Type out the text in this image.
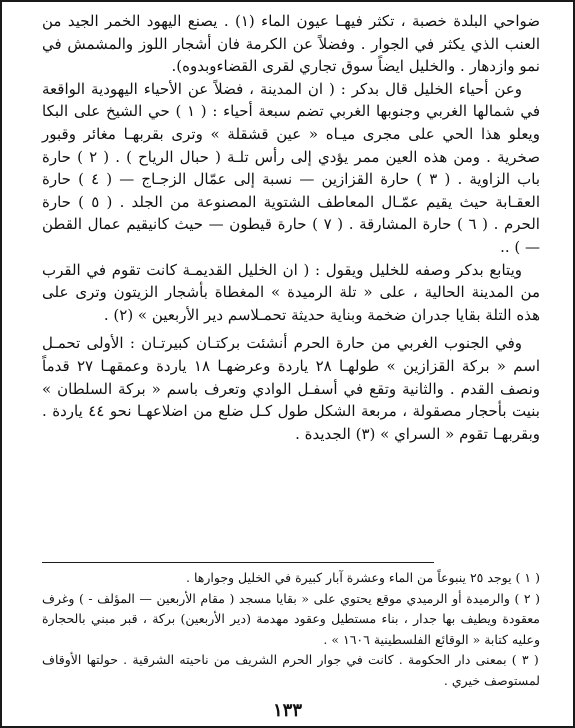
ضواحي البلدة خصبة ، تكثر فيهـا عيون الماء (١) . يصنع اليهود الخمر الجيد من العنب الذي يكثر في الجوار . وفضلاً عن الكرمة فان أشجار اللوز والمشمش في نمو وازدهار . والخليل ايضاً سوق تجاري لقرى القضاءوبدوه).

وعن أحياء الخليل قال بدكر : ( ان المدينة ، فضلاً عن الأحياء اليهودية الواقعة في شمالها الغربي وجنوبها الغربي تضم سبعة أحياء : ( ١ ) حي الشيخ على البكا ويعلو هذا الحي على مجرى ميـاه « عين قشقلة » وترى بقربهـا مغائر وقبور صخرية . ومن هذه العين ممر يؤدي إلى رأس تلـة ( حبال الرياح ) . ( ٢ ) حارة باب الزاوية . ( ٣ ) حارة القزازين — نسبة إلى عمّال الزجـاج — ( ٤ ) حارة العقـابة حيث يقيم عمّـال المعاطف الشتوية المصنوعة من الجلد . ( ٥ ) حارة الحرم . ( ٦ ) حارة المشارقة . ( ٧ ) حارة قيطون — حيث كانيقيم عمال القطن — ) ..

ويتابع بدكر وصفه للخليل ويقول : ( ان الخليل القديمـة كانت تقوم في القرب من المدينة الحالية ، على « تلة الرميدة » المغطاة بأشجار الزيتون وترى على هذه التلة بقايا جدران ضخمة وبناية حديثة تحمـلاسم دير الأربعين » (٢) .

وفي الجنوب الغربي من حارة الحرم أنشئت بركتـان كبيرتـان : الأولى تحمـل اسم « بركة القزازين » طولهـا ٢٨ ياردة وعرضهـا ١٨ ياردة وعمقهـا ٢٧ قدماً ونصف القدم . والثانية وتقع في أسفـل الوادي وتعرف باسم « بركة السلطان » بنيت بأحجار مصقولة ، مربعة الشكل طول كـل ضلع من اضلاعهـا نحو ٤٤ ياردة . وبقربهـا تقوم « السراي » (٣) الجديدة .

( ١ ) يوجد ٢٥ ينبوعاً من الماء وعشرة آبار كبيرة في الخليل وجوارها .

( ٢ ) والرميدة أو الرميدي موقع يحتوي على « بقايا مسجد ( مقام الأربعين — المؤلف - ) وغرف معقودة ويطيف بها جدار ، بناء مستطيل وعقود مهدمة (دير الأربعين) بركة ، قبر مبني بالحجارة وعليه كتابة « الوقائع الفلسطينية ١٦٠٦ » .

( ٣ ) بمعنى دار الحكومة . كانت في جوار الحرم الشريف من ناحيته الشرقية . حولتها الأوقاف لمستوصف خيري .

١٣٣
